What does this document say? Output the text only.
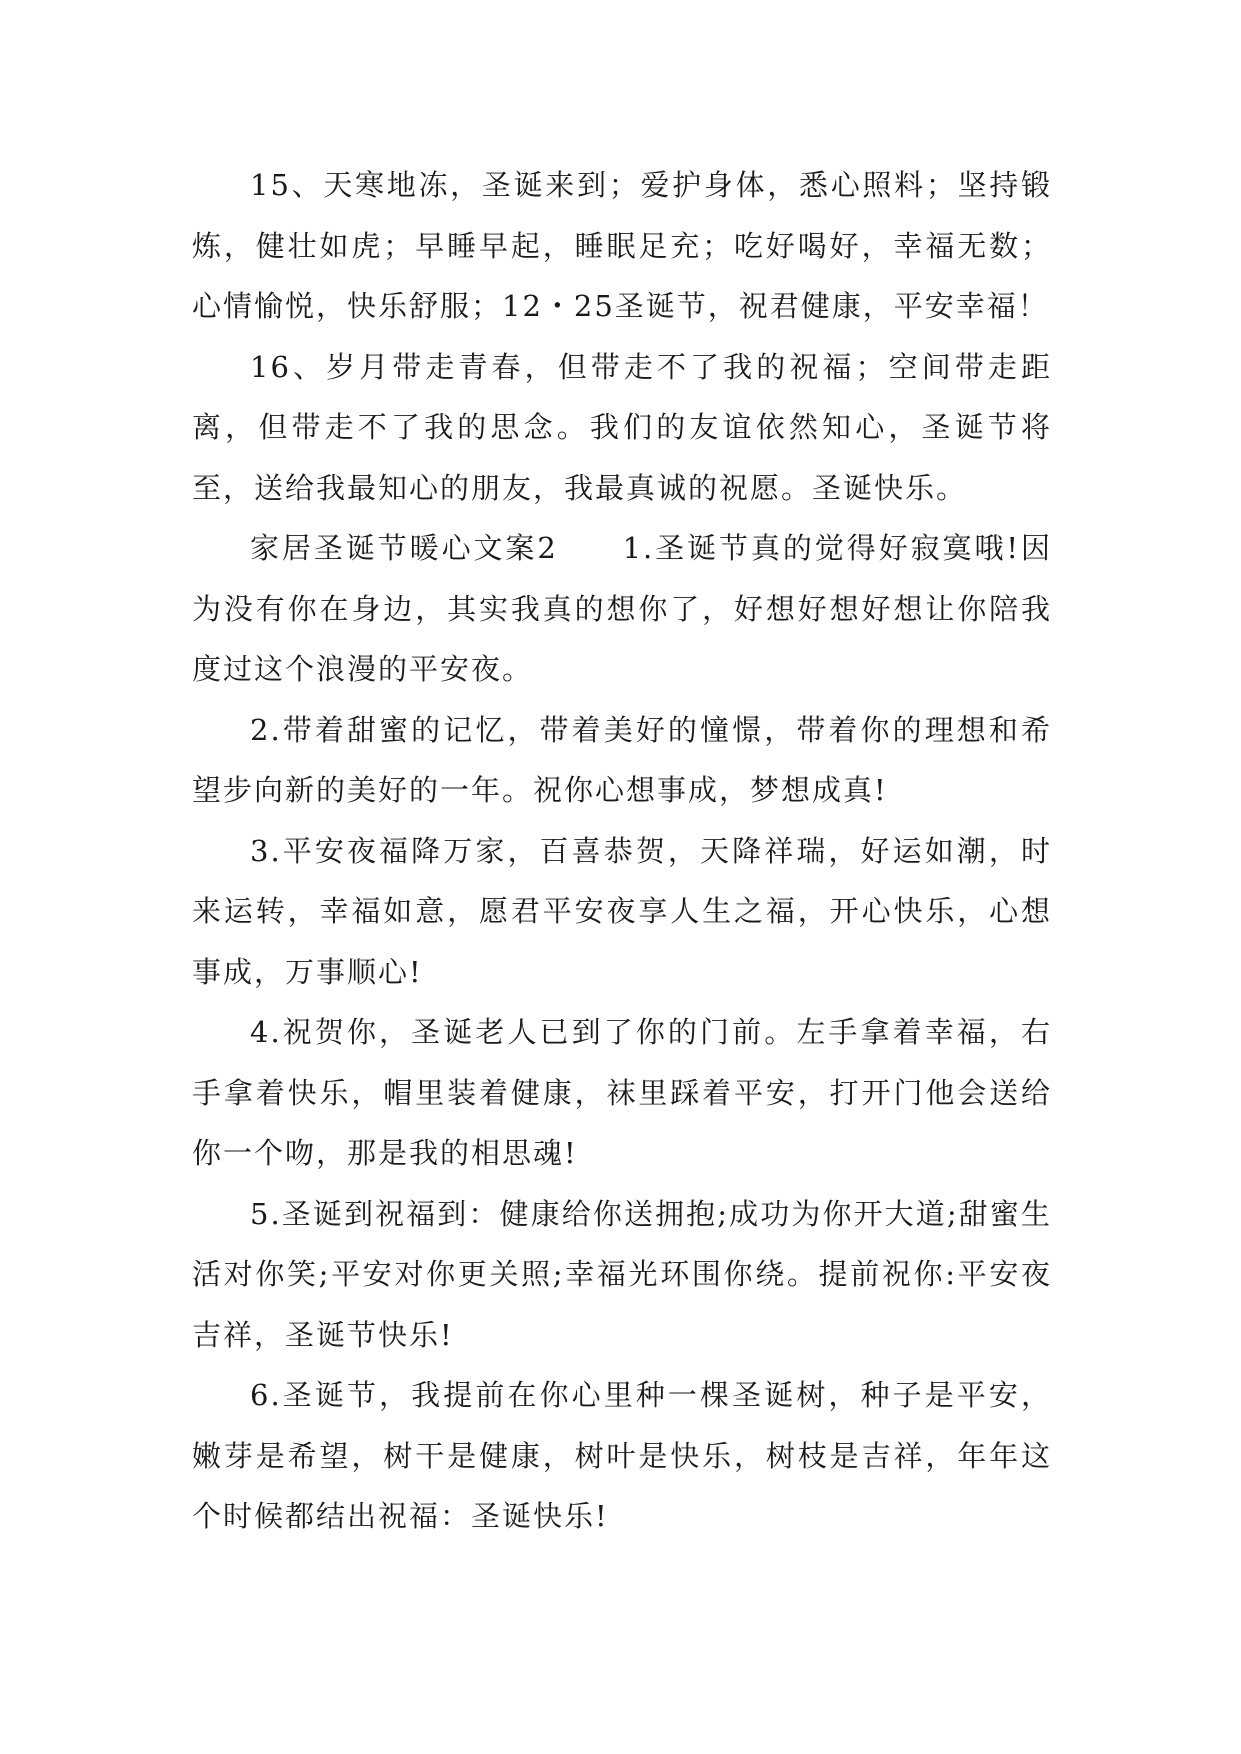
15、天寒地冻，圣诞来到；爱护身体，悉心照料；坚持锻炼，健壮如虎；早睡早起，睡眠足充；吃好喝好，幸福无数；心情愉悦，快乐舒服；12・25圣诞节，祝君健康，平安幸福！

16、岁月带走青春，但带走不了我的祝福；空间带走距离，但带走不了我的思念。我们的友谊依然知心，圣诞节将至，送给我最知心的朋友，我最真诚的祝愿。圣诞快乐。

家居圣诞节暖心文案2　　1.圣诞节真的觉得好寂寞哦!因为没有你在身边，其实我真的想你了，好想好想好想让你陪我度过这个浪漫的平安夜。

2.带着甜蜜的记忆，带着美好的憧憬，带着你的理想和希望步向新的美好的一年。祝你心想事成，梦想成真!

3.平安夜福降万家，百喜恭贺，天降祥瑞，好运如潮，时来运转，幸福如意，愿君平安夜享人生之福，开心快乐，心想事成，万事顺心!

4.祝贺你，圣诞老人已到了你的门前。左手拿着幸福，右手拿着快乐，帽里装着健康，袜里踩着平安，打开门他会送给你一个吻，那是我的相思魂!

5.圣诞到祝福到：健康给你送拥抱;成功为你开大道;甜蜜生活对你笑;平安对你更关照;幸福光环围你绕。提前祝你:平安夜吉祥，圣诞节快乐!

6.圣诞节，我提前在你心里种一棵圣诞树，种子是平安，嫩芽是希望，树干是健康，树叶是快乐，树枝是吉祥，年年这个时候都结出祝福：圣诞快乐!
